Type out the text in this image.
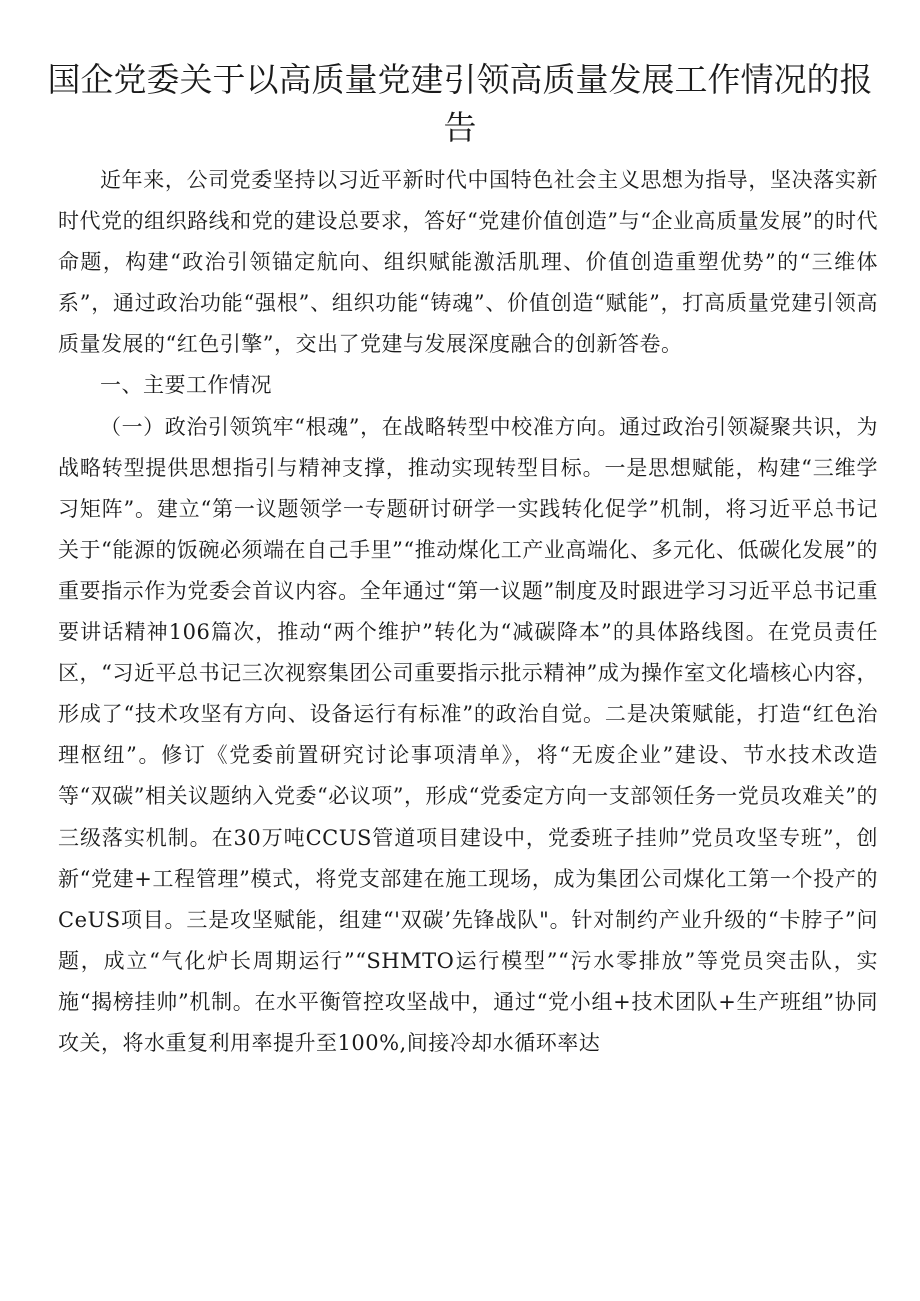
国企党委关于以高质量党建引领高质量发展工作情况的报告

近年来，公司党委坚持以习近平新时代中国特色社会主义思想为指导，坚决落实新时代党的组织路线和党的建设总要求，答好“党建价值创造”与“企业高质量发展”的时代命题，构建“政治引领锚定航向、组织赋能激活肌理、价值创造重塑优势”的“三维体系”，通过政治功能“强根”、组织功能“铸魂”、价值创造“赋能”，打高质量党建引领高质量发展的“红色引擎”，交出了党建与发展深度融合的创新答卷。

一、主要工作情况

（一）政治引领筑牢“根魂”，在战略转型中校准方向。通过政治引领凝聚共识，为战略转型提供思想指引与精神支撑，推动实现转型目标。一是思想赋能，构建“三维学习矩阵”。建立“第一议题领学一专题研讨研学一实践转化促学”机制，将习近平总书记关于“能源的饭碗必须端在自己手里”“推动煤化工产业高端化、多元化、低碳化发展”的重要指示作为党委会首议内容。全年通过“第一议题”制度及时跟进学习习近平总书记重要讲话精神106篇次，推动“两个维护”转化为“减碳降本”的具体路线图。在党员责任区，“习近平总书记三次视察集团公司重要指示批示精神”成为操作室文化墙核心内容，形成了“技术攻坚有方向、设备运行有标准”的政治自觉。二是决策赋能，打造“红色治理枢纽”。修订《党委前置研究讨论事项清单》，将“无废企业”建设、节水技术改造等“双碳”相关议题纳入党委“必议项”，形成“党委定方向一支部领任务一党员攻难关”的三级落实机制。在30万吨CCUS管道项目建设中，党委班子挂帅”党员攻坚专班”，创新“党建+工程管理”模式，将党支部建在施工现场，成为集团公司煤化工第一个投产的CeUS项目。三是攻坚赋能，组建“'双碳’先锋战队"。针对制约产业升级的“卡脖子”问题，成立“气化炉长周期运行”“SHMTO运行模型”“污水零排放”等党员突击队，实施“揭榜挂帅”机制。在水平衡管控攻坚战中，通过“党小组+技术团队+生产班组”协同攻关，将水重复利用率提升至100%,间接冷却水循环率达
